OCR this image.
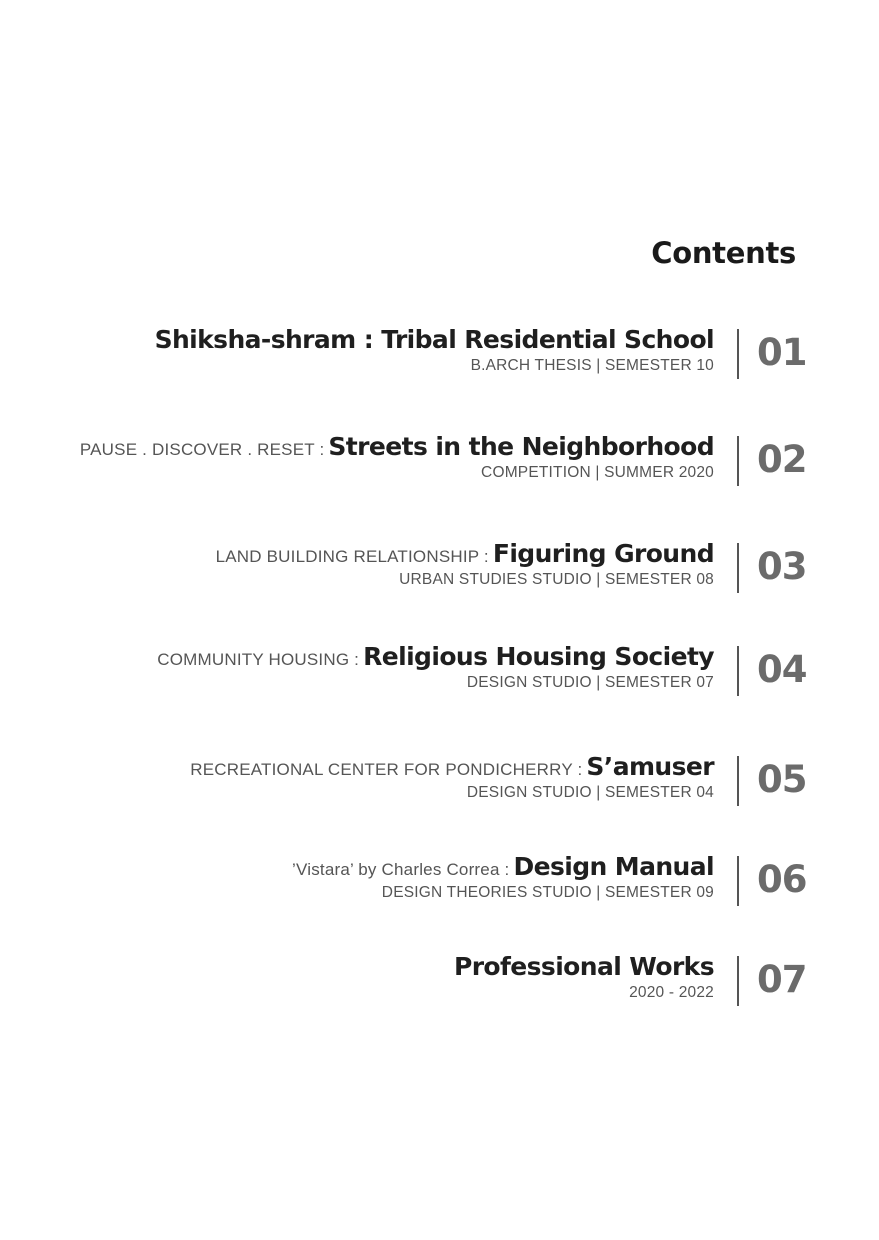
Contents
Shiksha-shram : Tribal Residential School
B.ARCH THESIS | SEMESTER 10 01
PAUSE . DISCOVER . RESET : Streets in the Neighborhood
COMPETITION | SUMMER 2020 02
LAND BUILDING RELATIONSHIP : Figuring Ground
URBAN STUDIES STUDIO | SEMESTER 08 03
COMMUNITY HOUSING : Religious Housing Society
DESIGN STUDIO | SEMESTER 07 04
RECREATIONAL CENTER FOR PONDICHERRY : S’amuser
DESIGN STUDIO | SEMESTER 04 05
’Vistara’ by Charles Correa : Design Manual
DESIGN THEORIES STUDIO | SEMESTER 09 06
Professional Works
2020 - 2022 07
